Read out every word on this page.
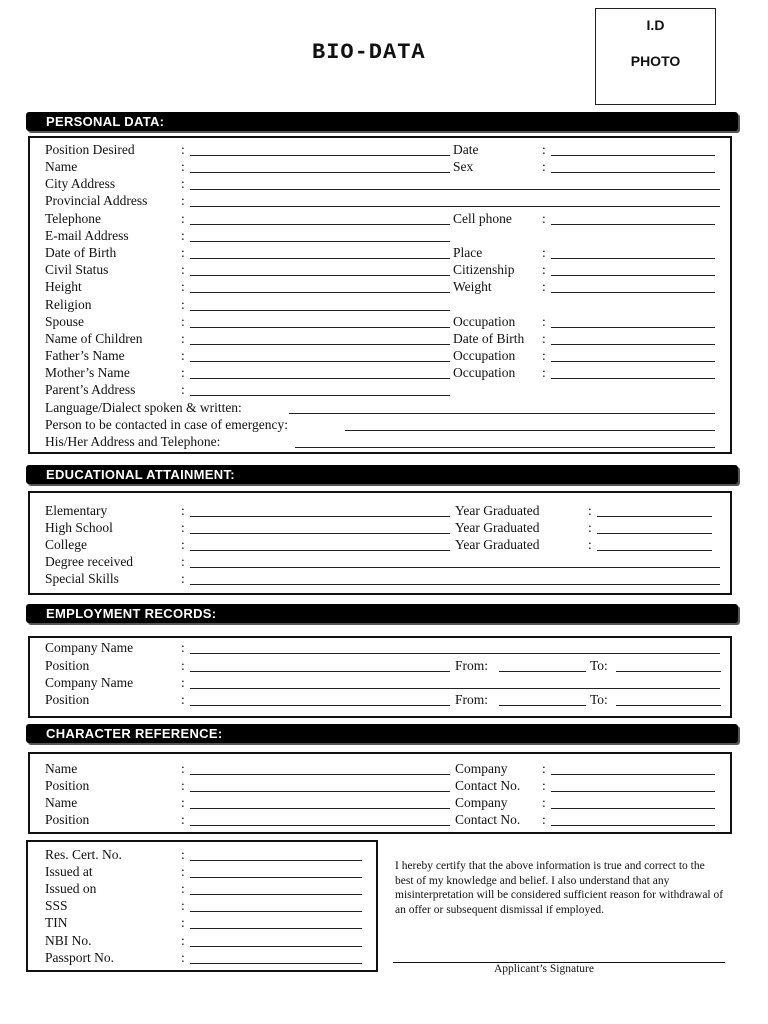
BIO-DATA
I.D
PHOTO
PERSONAL DATA:
Position Desired	:	Date	:
Name	:	Sex	:
City Address	:
Provincial Address :
Telephone	:	Cell phone :
E-mail Address	:
Date of Birth	:	Place	:
Civil Status	:	Citizenship :
Height	:	Weight	:
Religion	:
Spouse	:	Occupation :
Name of Children	:	Date of Birth :
Father’s Name	:	Occupation :
Mother’s Name	:	Occupation :
Parent’s Address	:
Language/Dialect spoken & written:
Person to be contacted in case of emergency:
His/Her Address and Telephone:
EDUCATIONAL ATTAINMENT:
Elementary	:	Year Graduated	:
High School	:	Year Graduated	:
College	:	Year Graduated	:
Degree received	:
Special Skills	:
EMPLOYMENT RECORDS:
Company Name	:
Position	:	From:	To:
Company Name	:
Position	:	From:	To:
CHARACTER REFERENCE:
Name	:	Company	:
Position	:	Contact No. :
Name	:	Company	:
Position	:	Contact No. :
Res. Cert. No.	:
Issued at	:
Issued on	:
SSS	:
TIN	:
NBI No.	:
Passport No.	:
I hereby certify that the above information is true and correct to the best of my knowledge and belief. I also understand that any misinterpretation will be considered sufficient reason for withdrawal of an offer or subsequent dismissal if employed.
Applicant’s Signature
